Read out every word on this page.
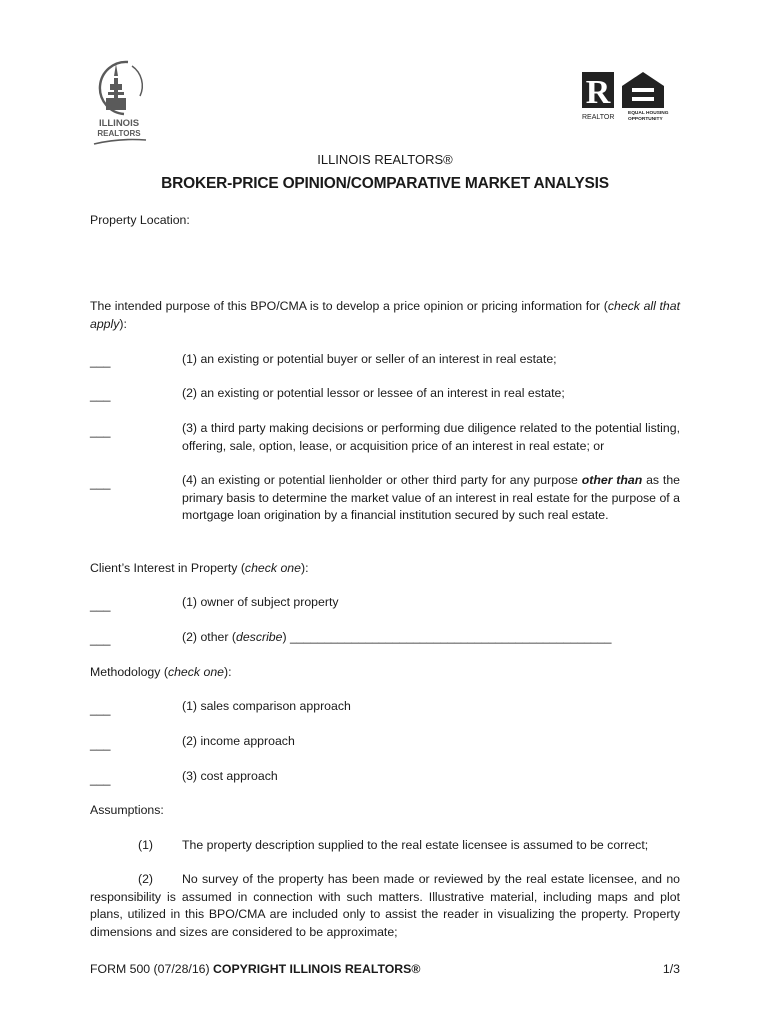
ILLINOIS
REALTORS
R
REALTOR
EQUAL HOUSING
OPPORTUNITY
ILLINOIS REALTORS®
BROKER-PRICE OPINION/COMPARATIVE MARKET ANALYSIS
Property Location:
The intended purpose of this BPO/CMA is to develop a price opinion or pricing information for (check all that apply):
___	(1) an existing or potential buyer or seller of an interest in real estate;
___	(2) an existing or potential lessor or lessee of an interest in real estate;
___	(3) a third party making decisions or performing due diligence related to the potential listing, offering, sale, option, lease, or acquisition price of an interest in real estate; or
___	(4) an existing or potential lienholder or other third party for any purpose other than as the primary basis to determine the market value of an interest in real estate for the purpose of a mortgage loan origination by a financial institution secured by such real estate.
Client’s Interest in Property (check one):
___	(1) owner of subject property
___	(2) other (describe) _______________________________________________
Methodology (check one):
___	(1) sales comparison approach
___	(2) income approach
___	(3) cost approach
Assumptions:
(1) The property description supplied to the real estate licensee is assumed to be correct;
(2)	No survey of the property has been made or reviewed by the real estate licensee, and no responsibility is assumed in connection with such matters. Illustrative material, including maps and plot plans, utilized in this BPO/CMA are included only to assist the reader in visualizing the property. Property dimensions and sizes are considered to be approximate;
FORM 500 (07/28/16) COPYRIGHT ILLINOIS REALTORS®	1/3
